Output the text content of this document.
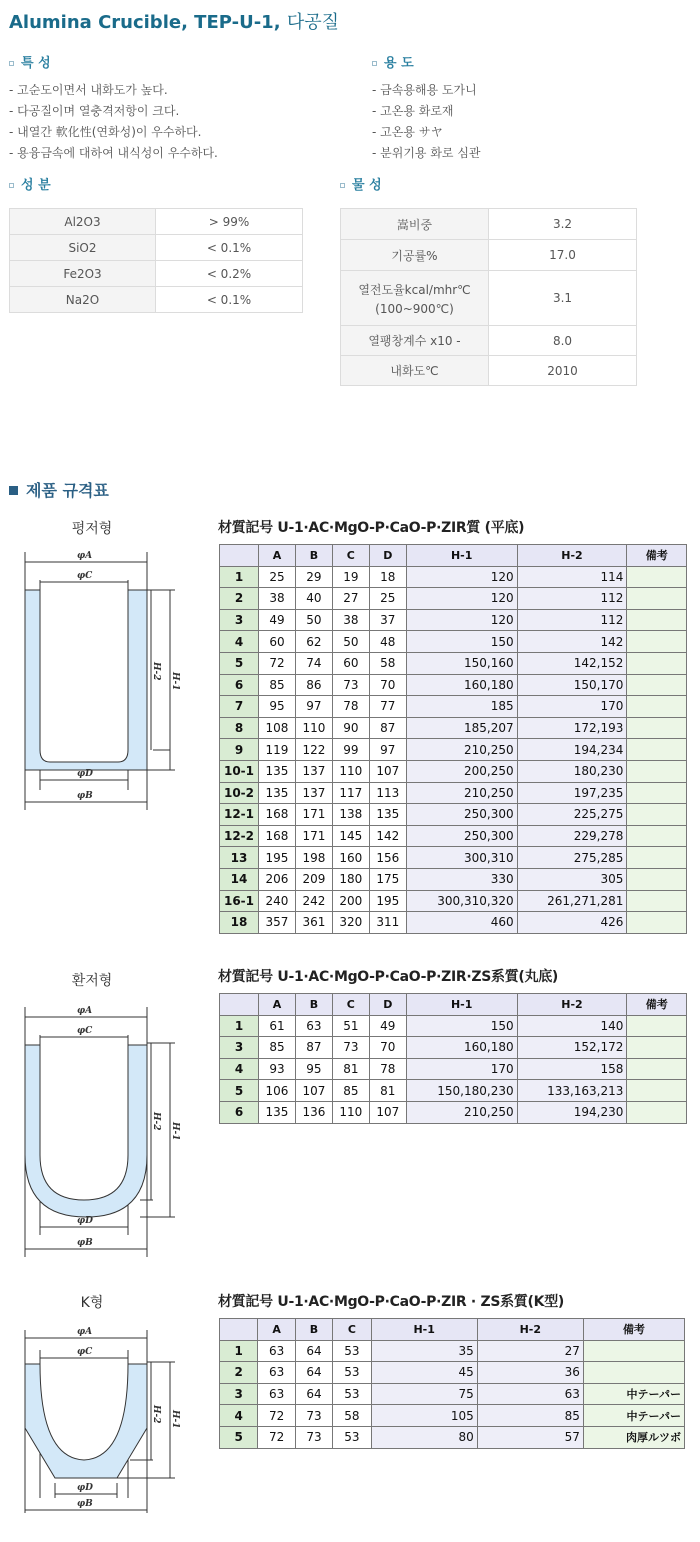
Alumina Crucible, TEP-U-1, 다공질
특 성
- 고순도이면서 내화도가 높다.
- 다공질이며 열충격저항이 크다.
- 내열간 軟化性(연화성)이 우수하다.
- 용융금속에 대하여 내식성이 우수하다.
용 도
- 금속용해용 도가니
- 고온용 화로재
- 고온용 サヤ
- 분위기용 화로 심관
성 분
Al2O3	> 99%
SiO2	< 0.1%
Fe2O3	< 0.2%
Na2O	< 0.1%
물 성
嵩비중	3.2
기공률%	17.0

열전도율kcal/mhr℃
(100~900℃)	3.1
열팽창계수 x10 -	8.0
내화도℃	2010
제품 규격표
평저형
φA
φC
φD
φB
H-1
H-2
材質記号 U-1·AC·MgO-P·CaO-P·ZIR質 (平底)
	A	B	C	D	H-1	H-2	備考
1	25	29	19	18	120	114	
2	38	40	27	25	120	112	
3	49	50	38	37	120	112	
4	60	62	50	48	150	142	
5	72	74	60	58	150,160	142,152	
6	85	86	73	70	160,180	150,170	
7	95	97	78	77	185	170	
8	108	110	90	87	185,207	172,193	
9	119	122	99	97	210,250	194,234	
10-1	135	137	110	107	200,250	180,230	
10-2	135	137	117	113	210,250	197,235	
12-1	168	171	138	135	250,300	225,275	
12-2	168	171	145	142	250,300	229,278	
13	195	198	160	156	300,310	275,285	
14	206	209	180	175	330	305	
16-1	240	242	200	195	300,310,320	261,271,281	
18	357	361	320	311	460	426	
환저형
φA
φC
φD
φB
H-1
H-2
材質記号 U-1·AC·MgO-P·CaO-P·ZIR·ZS系質(丸底)
	A	B	C	D	H-1	H-2	備考
1	61	63	51	49	150	140	
3	85	87	73	70	160,180	152,172	
4	93	95	81	78	170	158	
5	106	107	85	81	150,180,230	133,163,213	
6	135	136	110	107	210,250	194,230	
K형
φA
φC
φD
φB
H-1
H-2
材質記号 U-1·AC·MgO-P·CaO-P·ZIR · ZS系質(K型)
	A	B	C	H-1	H-2	備考
1	63	64	53	35	27	
2	63	64	53	45	36	
3	63	64	53	75	63	中テーパー
4	72	73	58	105	85	中テーパー
5	72	73	53	80	57	肉厚ルツボ
